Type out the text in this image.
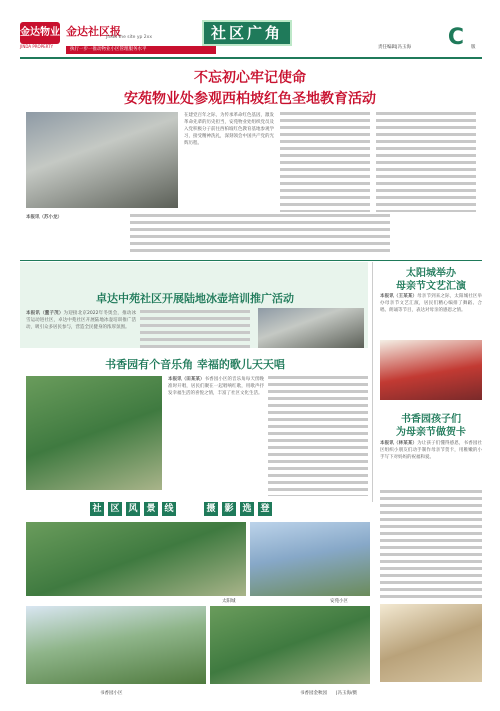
金达物业
JINDA PROPERTY
金达社区报
Jinda the site yp 2xx
执行一步一推动物业小区管理服务水平
社区广角
责任编辑|冯玉海 C	版
不忘初心牢记使命
安苑物业处参观西柏坡红色圣地教育活动
在建党百年之际，为传承革命红色基因，激发革命先辈的历史担当，安苑物业处组织党员及入党积极分子前往西柏坡红色教育基地参观学习，接受精神洗礼，深刻领会中国共产党的光辉历程。
本报讯（苏小龙）
卓达中苑社区开展陆地冰壶培训推广活动
本报讯（董子茂）为迎接北京2022年冬奥会，推动冰雪运动进社区，卓达中苑社区开展陆地冰壶培训推广活动，吸引众多居民参与，营造全民健身的浓厚氛围。
书香园有个音乐角 幸福的歌儿天天唱
本报讯（田某某）书香园小区的音乐角每天傍晚准时开唱，居民们聚在一起唱响红歌，用歌声抒发幸福生活的喜悦之情，丰富了社区文化生活。
太阳城举办
母亲节文艺汇演
本报讯（王某某）母亲节到来之际，太阳城社区举办母亲节文艺汇演，居民们精心编排了舞蹈、合唱、朗诵等节目，表达对母亲的感恩之情。
书香园孩子们
为母亲节做贺卡
本报讯（林某某）为让孩子们懂得感恩，书香园社区组织小朋友们动手制作母亲节贺卡，用稚嫩的小手写下对妈妈的祝福和爱。
社 区 风 景 线	摄 影 选 登
太阳城	安苑小区
书香园小区	书香园金秋园 |冯玉海/摄
